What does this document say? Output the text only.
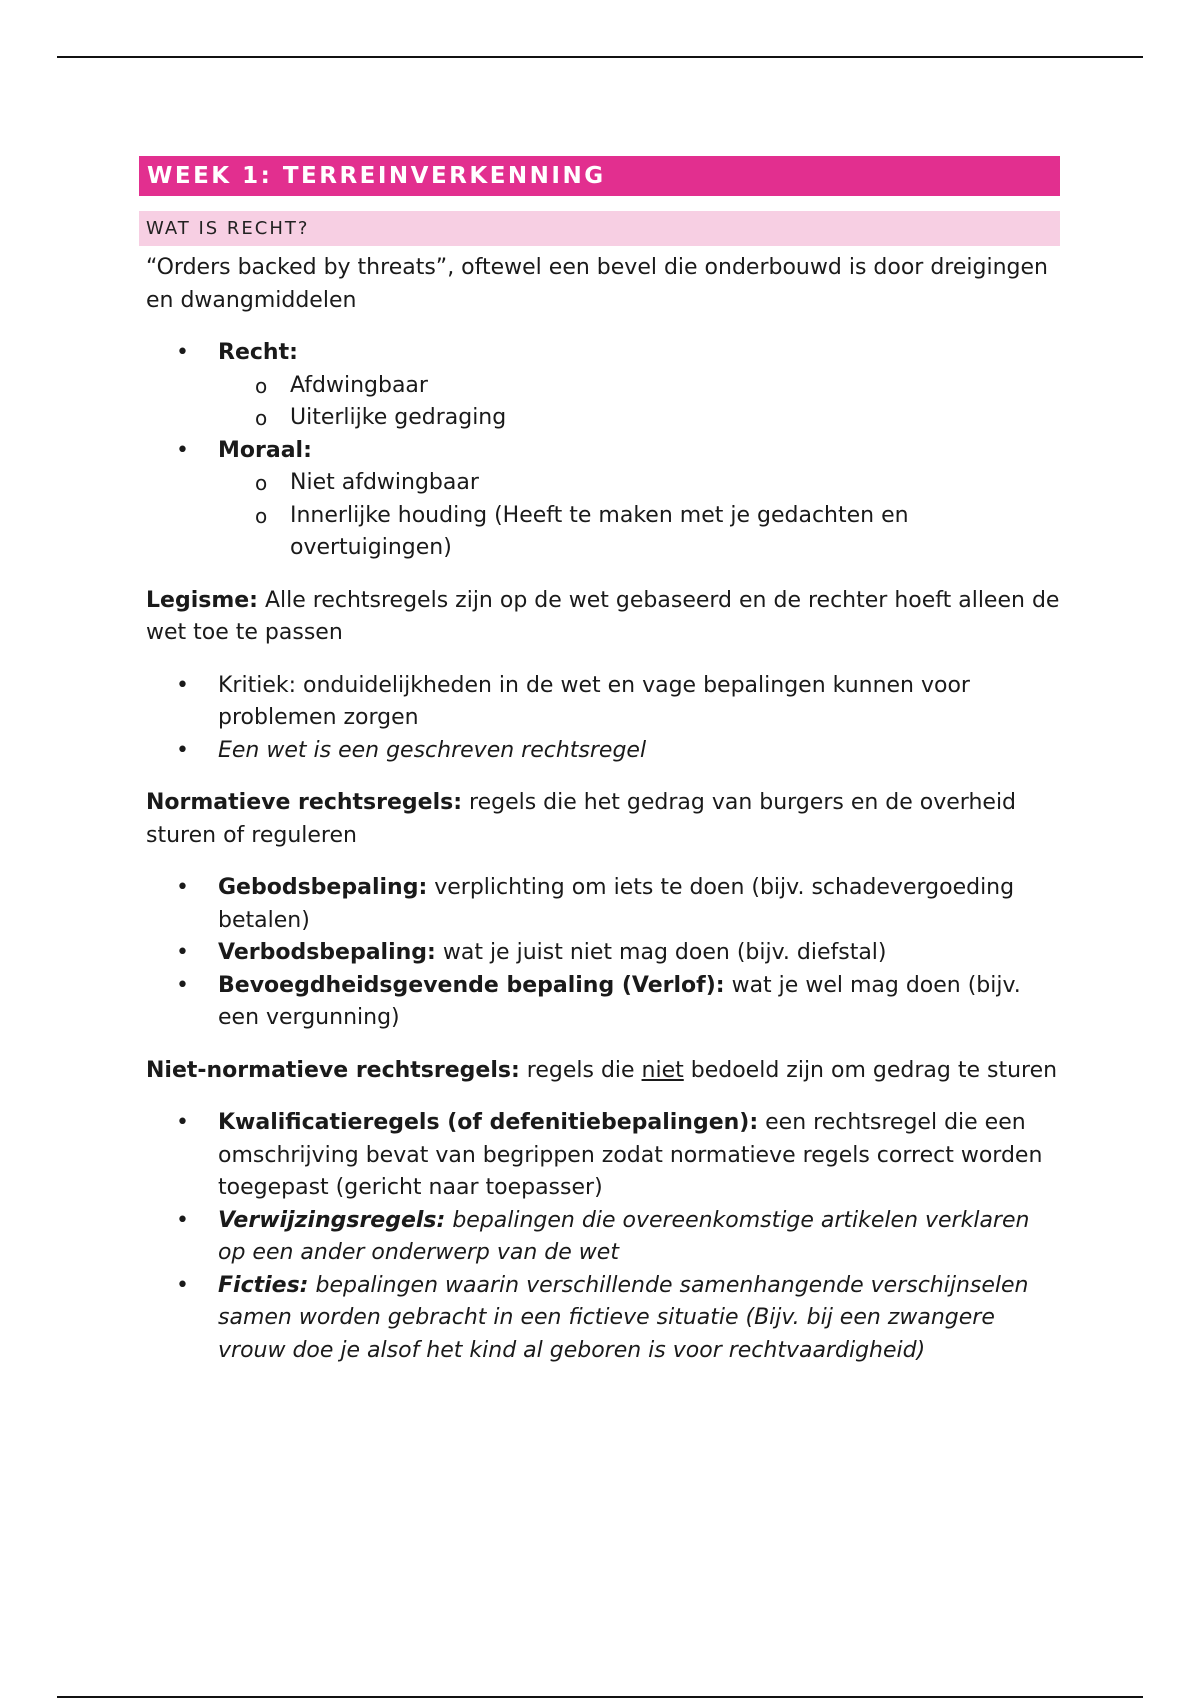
WEEK 1: TERREINVERKENNING
WAT IS RECHT?

“Orders backed by threats”, oftewel een bevel die onderbouwd is door dreigingen en dwangmiddelen

• Recht:
o Afdwingbaar
o Uiterlijke gedraging
• Moraal:
o Niet afdwingbaar
o Innerlijke houding (Heeft te maken met je gedachten en overtuigingen)

Legisme: Alle rechtsregels zijn op de wet gebaseerd en de rechter hoeft alleen de wet toe te passen

• Kritiek: onduidelijkheden in de wet en vage bepalingen kunnen voor problemen zorgen
• Een wet is een geschreven rechtsregel

Normatieve rechtsregels: regels die het gedrag van burgers en de overheid sturen of reguleren

• Gebodsbepaling: verplichting om iets te doen (bijv. schadevergoeding betalen)
• Verbodsbepaling: wat je juist niet mag doen (bijv. diefstal)
• Bevoegdheidsgevende bepaling (Verlof): wat je wel mag doen (bijv. een vergunning)

Niet-normatieve rechtsregels: regels die niet bedoeld zijn om gedrag te sturen

• Kwalificatieregels (of defenitiebepalingen): een rechtsregel die een omschrijving bevat van begrippen zodat normatieve regels correct worden toegepast (gericht naar toepasser)
• Verwijzingsregels: bepalingen die overeenkomstige artikelen verklaren op een ander onderwerp van de wet
• Ficties: bepalingen waarin verschillende samenhangende verschijnselen samen worden gebracht in een fictieve situatie (Bijv. bij een zwangere vrouw doe je alsof het kind al geboren is voor rechtvaardigheid)
